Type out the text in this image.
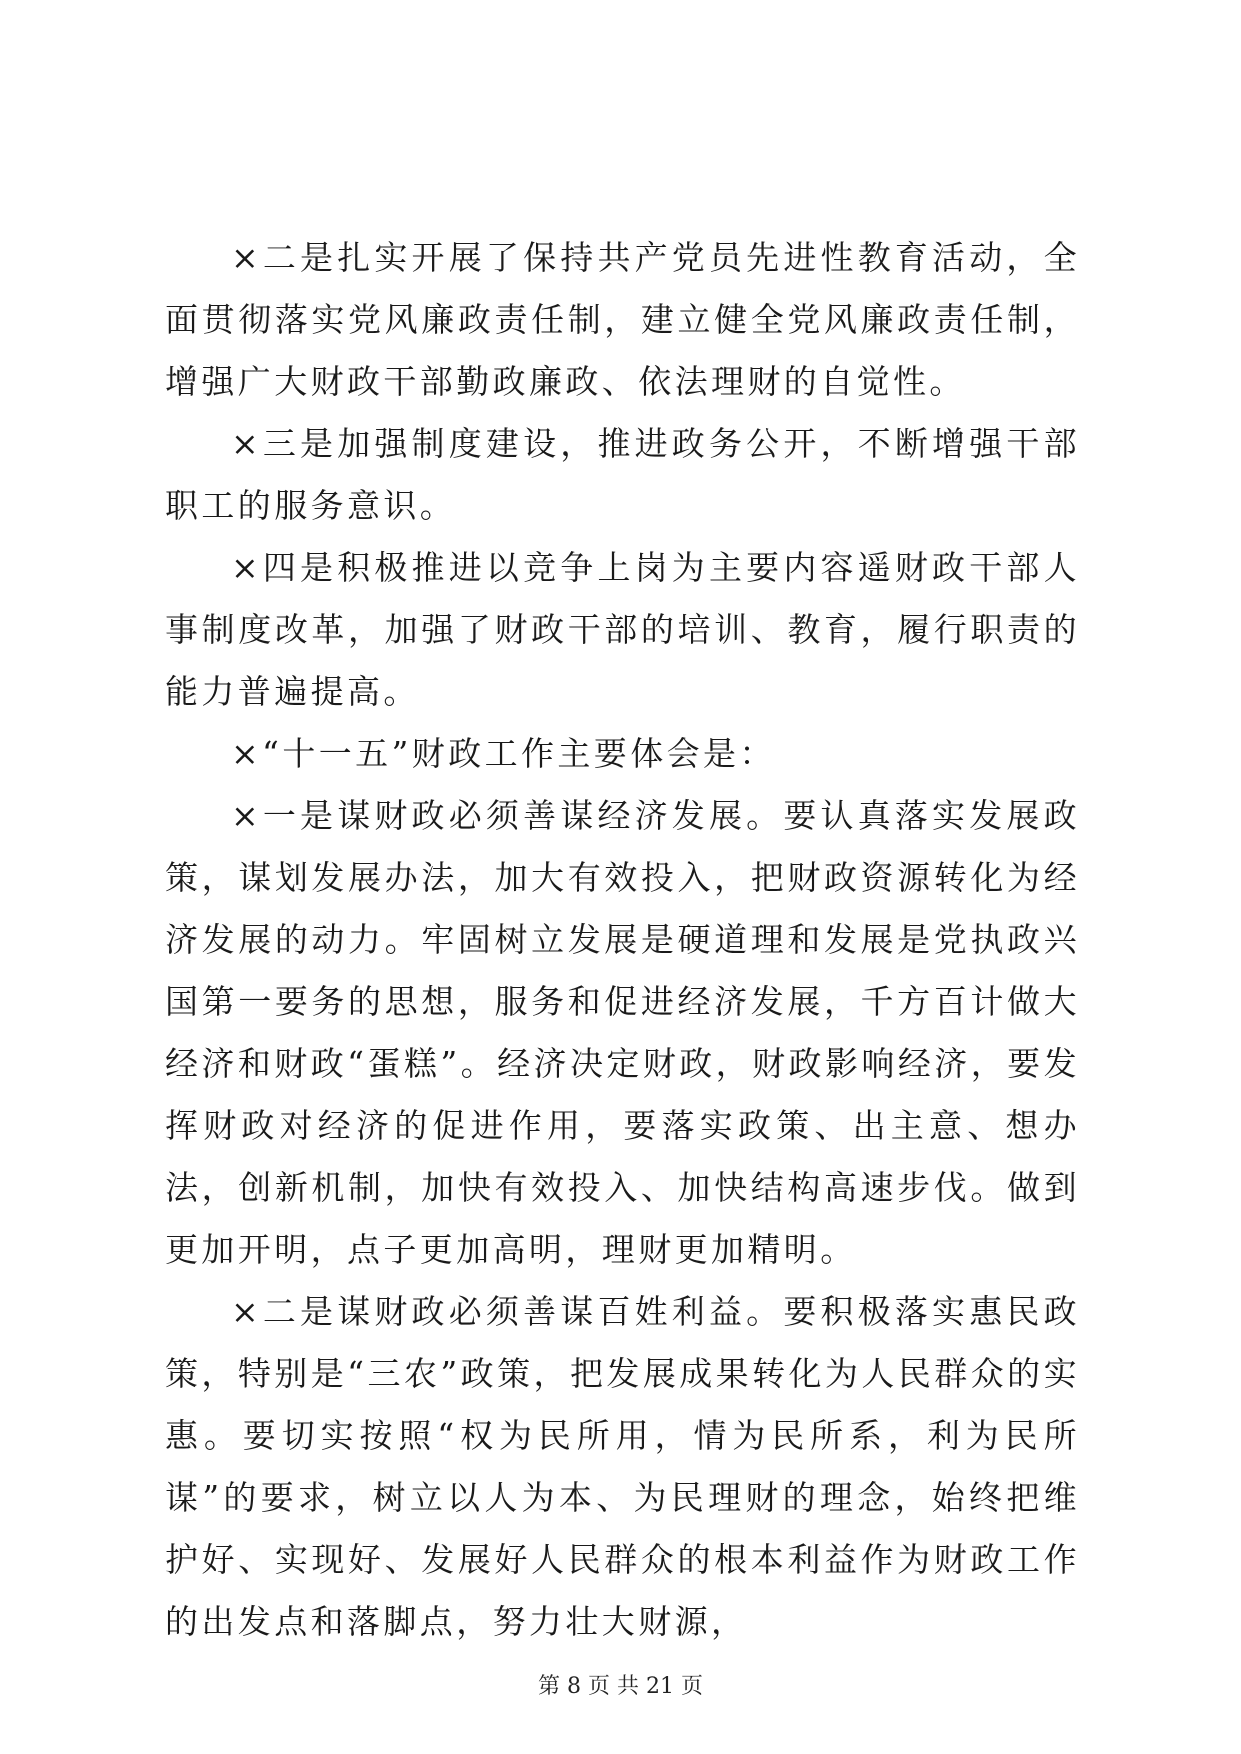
×二是扎实开展了保持共产党员先进性教育活动，全面贯彻落实党风廉政责任制，建立健全党风廉政责任制，增强广大财政干部勤政廉政、依法理财的自觉性。

×三是加强制度建设，推进政务公开，不断增强干部职工的服务意识。

×四是积极推进以竞争上岗为主要内容遥财政干部人事制度改革，加强了财政干部的培训、教育，履行职责的能力普遍提高。

×“十一五”财政工作主要体会是：

×一是谋财政必须善谋经济发展。要认真落实发展政策，谋划发展办法，加大有效投入，把财政资源转化为经济发展的动力。牢固树立发展是硬道理和发展是党执政兴国第一要务的思想，服务和促进经济发展，千方百计做大经济和财政“蛋糕”。经济决定财政，财政影响经济，要发挥财政对经济的促进作用，要落实政策、出主意、想办法，创新机制，加快有效投入、加快结构高速步伐。做到更加开明，点子更加高明，理财更加精明。

×二是谋财政必须善谋百姓利益。要积极落实惠民政策，特别是“三农”政策，把发展成果转化为人民群众的实惠。要切实按照“权为民所用，情为民所系，利为民所谋”的要求，树立以人为本、为民理财的理念，始终把维护好、实现好、发展好人民群众的根本利益作为财政工作的出发点和落脚点，努力壮大财源，

第 8 页 共 21 页
